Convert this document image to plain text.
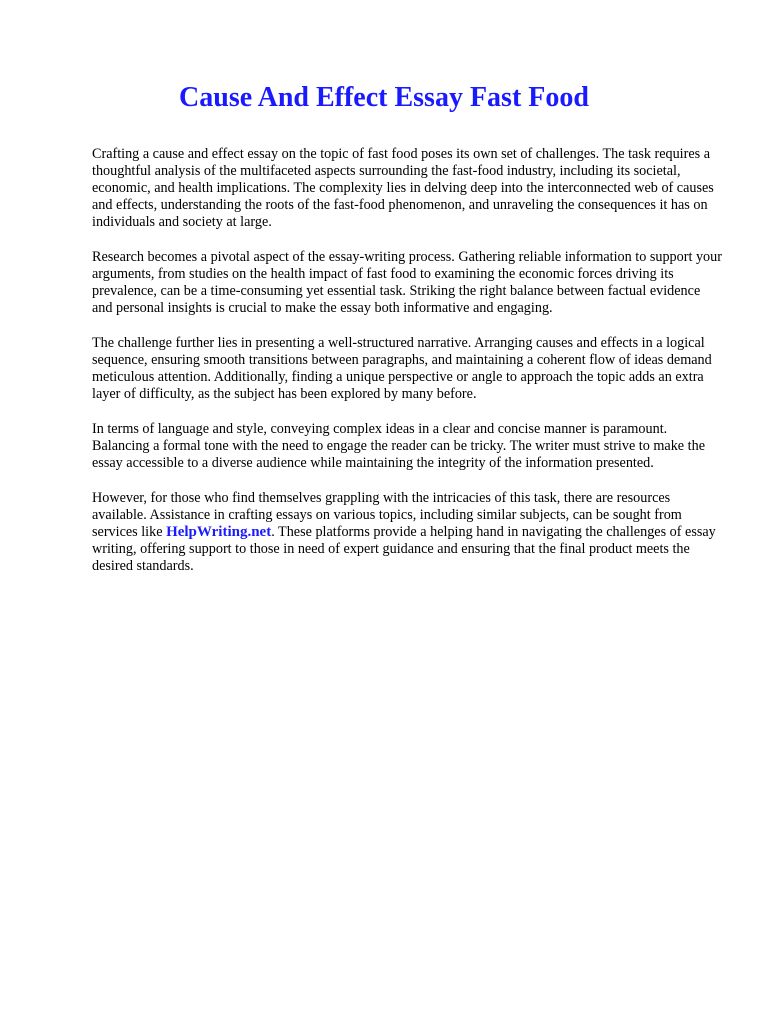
Cause And Effect Essay Fast Food

Crafting a cause and effect essay on the topic of fast food poses its own set of challenges. The task requires a thoughtful analysis of the multifaceted aspects surrounding the fast-food industry, including its societal, economic, and health implications. The complexity lies in delving deep into the interconnected web of causes and effects, understanding the roots of the fast-food phenomenon, and unraveling the consequences it has on individuals and society at large.

Research becomes a pivotal aspect of the essay-writing process. Gathering reliable information to support your arguments, from studies on the health impact of fast food to examining the economic forces driving its prevalence, can be a time-consuming yet essential task. Striking the right balance between factual evidence and personal insights is crucial to make the essay both informative and engaging.

The challenge further lies in presenting a well-structured narrative. Arranging causes and effects in a logical sequence, ensuring smooth transitions between paragraphs, and maintaining a coherent flow of ideas demand meticulous attention. Additionally, finding a unique perspective or angle to approach the topic adds an extra layer of difficulty, as the subject has been explored by many before.

In terms of language and style, conveying complex ideas in a clear and concise manner is paramount. Balancing a formal tone with the need to engage the reader can be tricky. The writer must strive to make the essay accessible to a diverse audience while maintaining the integrity of the information presented.

However, for those who find themselves grappling with the intricacies of this task, there are resources available. Assistance in crafting essays on various topics, including similar subjects, can be sought from services like HelpWriting.net. These platforms provide a helping hand in navigating the challenges of essay writing, offering support to those in need of expert guidance and ensuring that the final product meets the desired standards.
